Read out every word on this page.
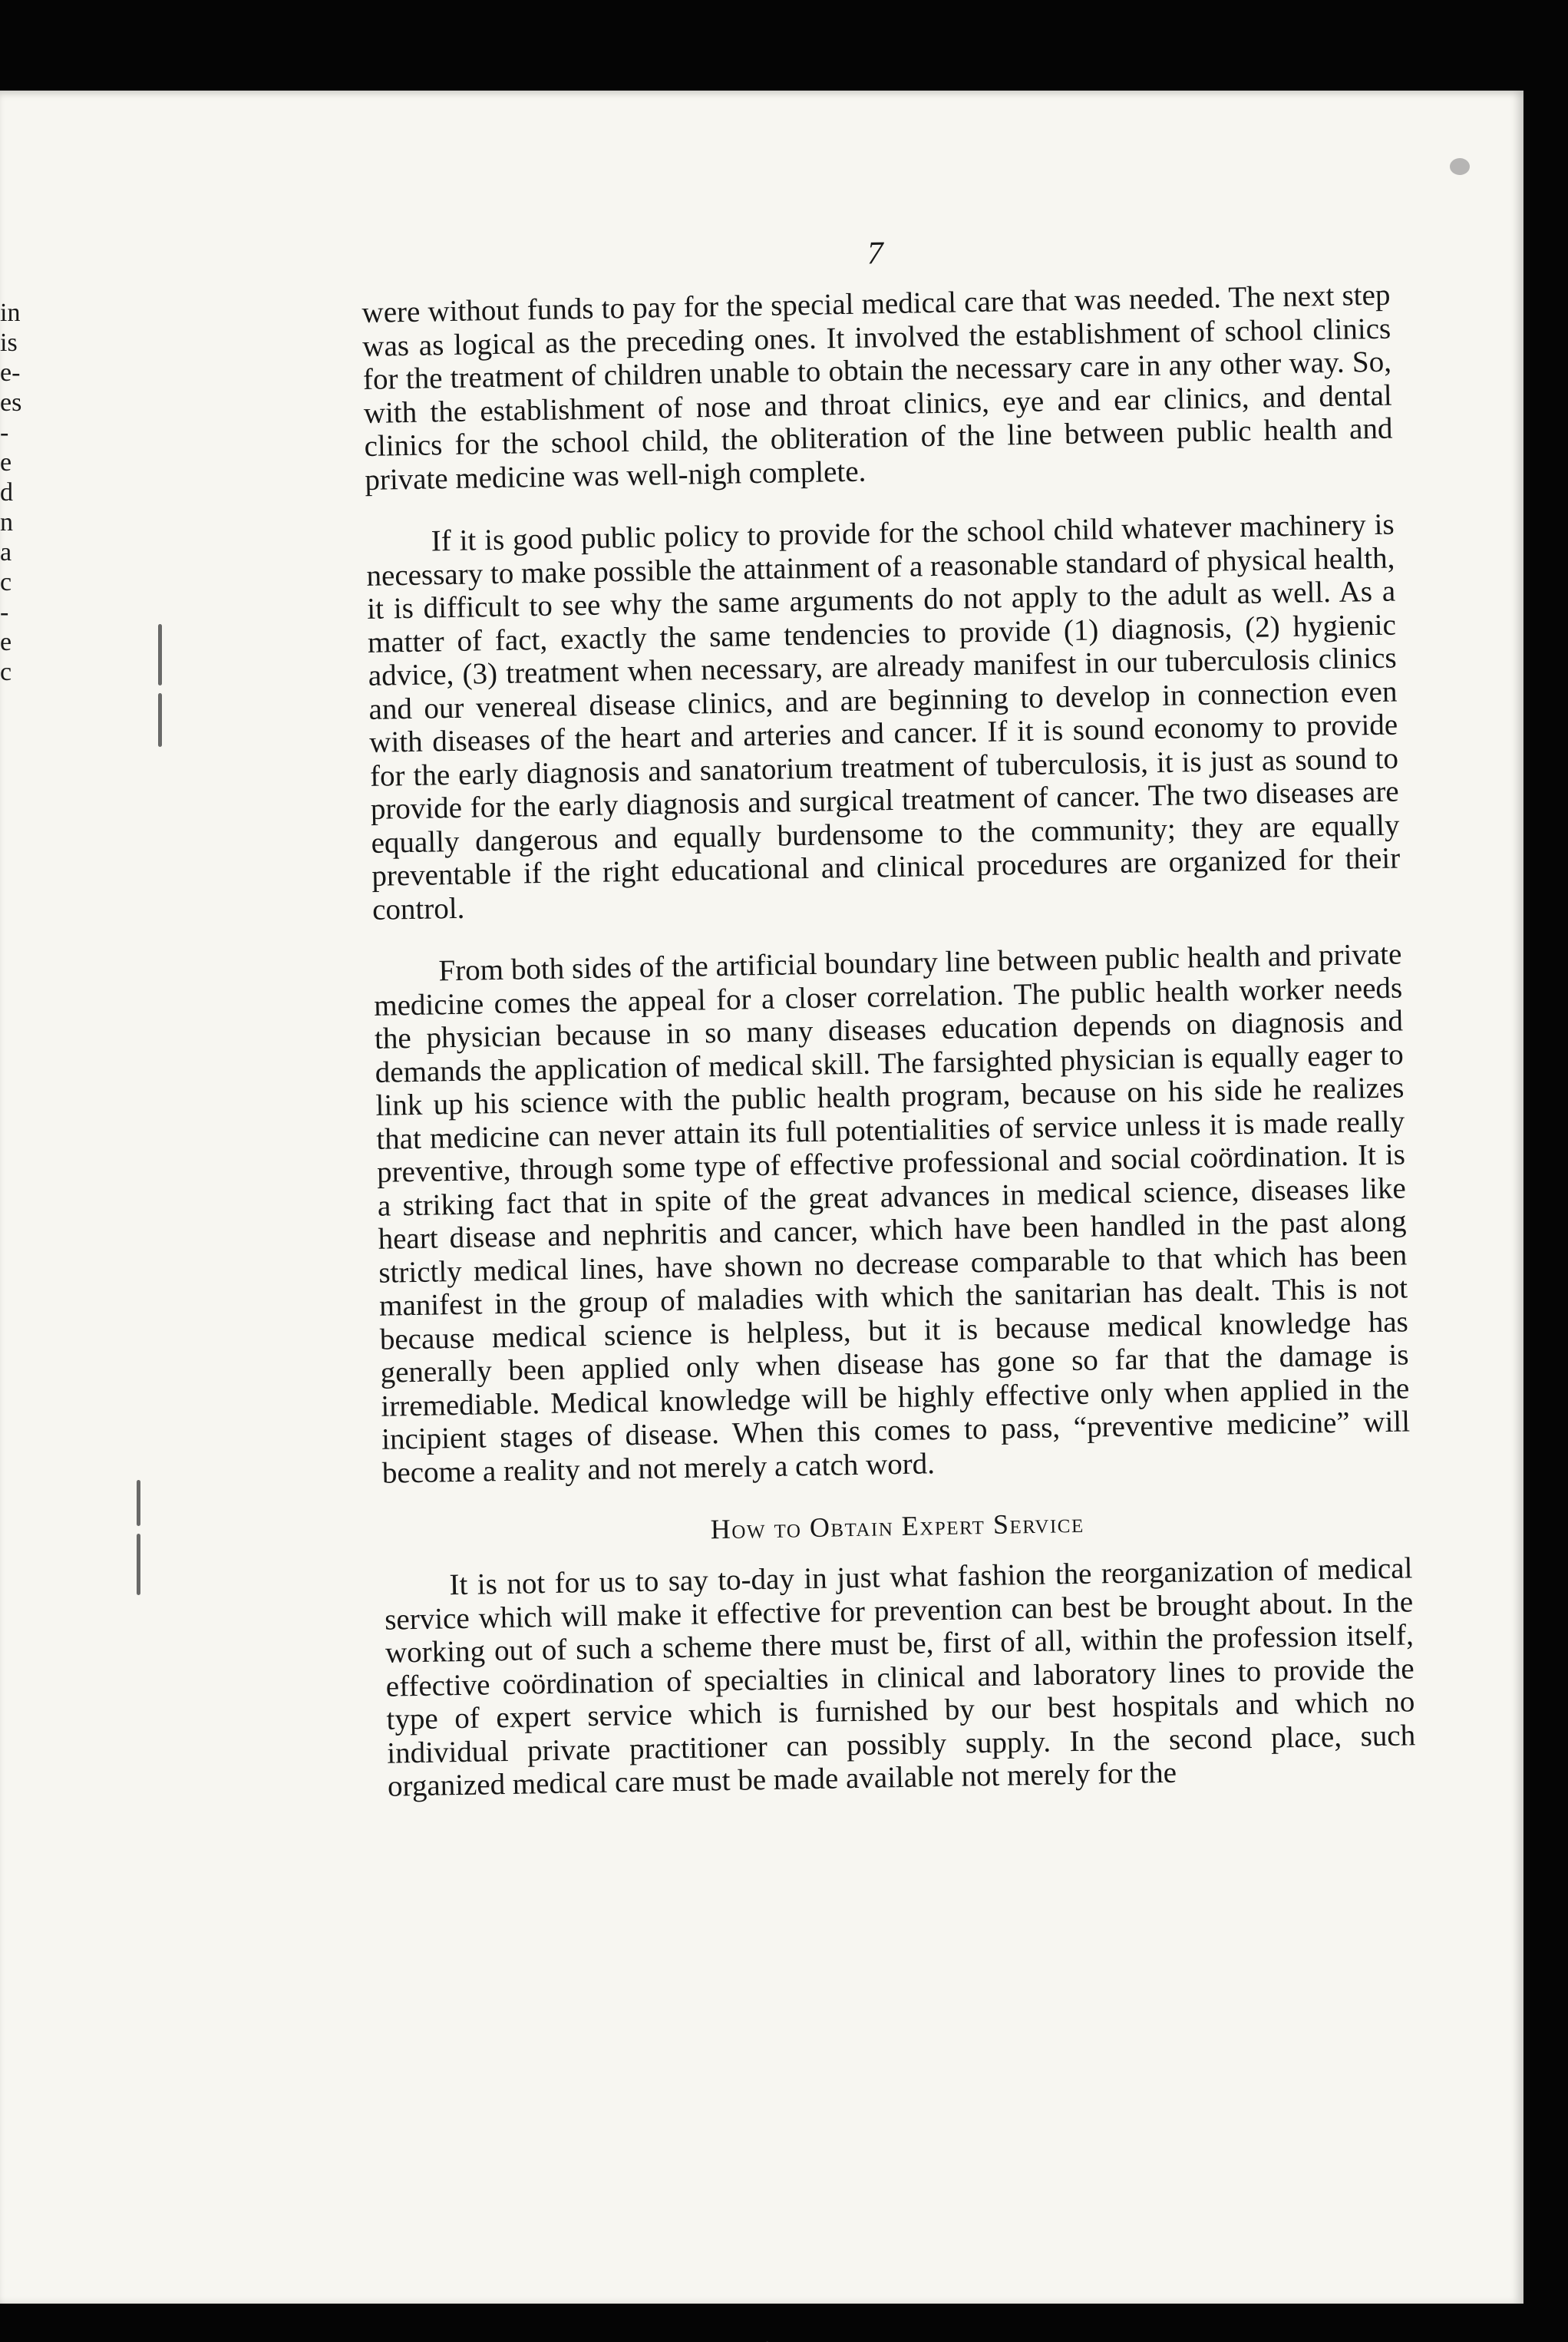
in
is
e-
es
-
e
d
n
a
c
-
e
c
7

were without funds to pay for the special medical care that was needed. The next step was as logical as the preceding ones. It involved the establishment of school clinics for the treatment of children unable to obtain the necessary care in any other way. So, with the establishment of nose and throat clinics, eye and ear clinics, and dental clinics for the school child, the obliteration of the line between public health and private medicine was well-nigh complete.

If it is good public policy to provide for the school child whatever machinery is necessary to make possible the attainment of a reasonable standard of physical health, it is difficult to see why the same arguments do not apply to the adult as well. As a matter of fact, exactly the same tendencies to provide (1) diagnosis, (2) hygienic advice, (3) treatment when necessary, are already manifest in our tuberculosis clinics and our venereal disease clinics, and are beginning to develop in connection even with diseases of the heart and arteries and cancer. If it is sound economy to provide for the early diagnosis and sanatorium treatment of tuberculosis, it is just as sound to provide for the early diagnosis and surgical treatment of cancer. The two diseases are equally dangerous and equally burdensome to the community; they are equally preventable if the right educational and clinical procedures are organized for their control.

From both sides of the artificial boundary line between public health and private medicine comes the appeal for a closer correlation. The public health worker needs the physician because in so many diseases education depends on diagnosis and demands the application of medical skill. The farsighted physician is equally eager to link up his science with the public health program, because on his side he realizes that medicine can never attain its full potentialities of service unless it is made really preventive, through some type of effective professional and social coördination. It is a striking fact that in spite of the great advances in medical science, diseases like heart disease and nephritis and cancer, which have been handled in the past along strictly medical lines, have shown no decrease comparable to that which has been manifest in the group of maladies with which the sanitarian has dealt. This is not because medical science is helpless, but it is because medical knowledge has generally been applied only when disease has gone so far that the damage is irremediable. Medical knowledge will be highly effective only when applied in the incipient stages of disease. When this comes to pass, “preventive medicine” will become a reality and not merely a catch word.

How to Obtain Expert Service

It is not for us to say to-day in just what fashion the reorganization of medical service which will make it effective for prevention can best be brought about. In the working out of such a scheme there must be, first of all, within the profession itself, effective coördination of specialties in clinical and laboratory lines to provide the type of expert service which is furnished by our best hospitals and which no individual private practitioner can possibly supply. In the second place, such organized medical care must be made available not merely for the
